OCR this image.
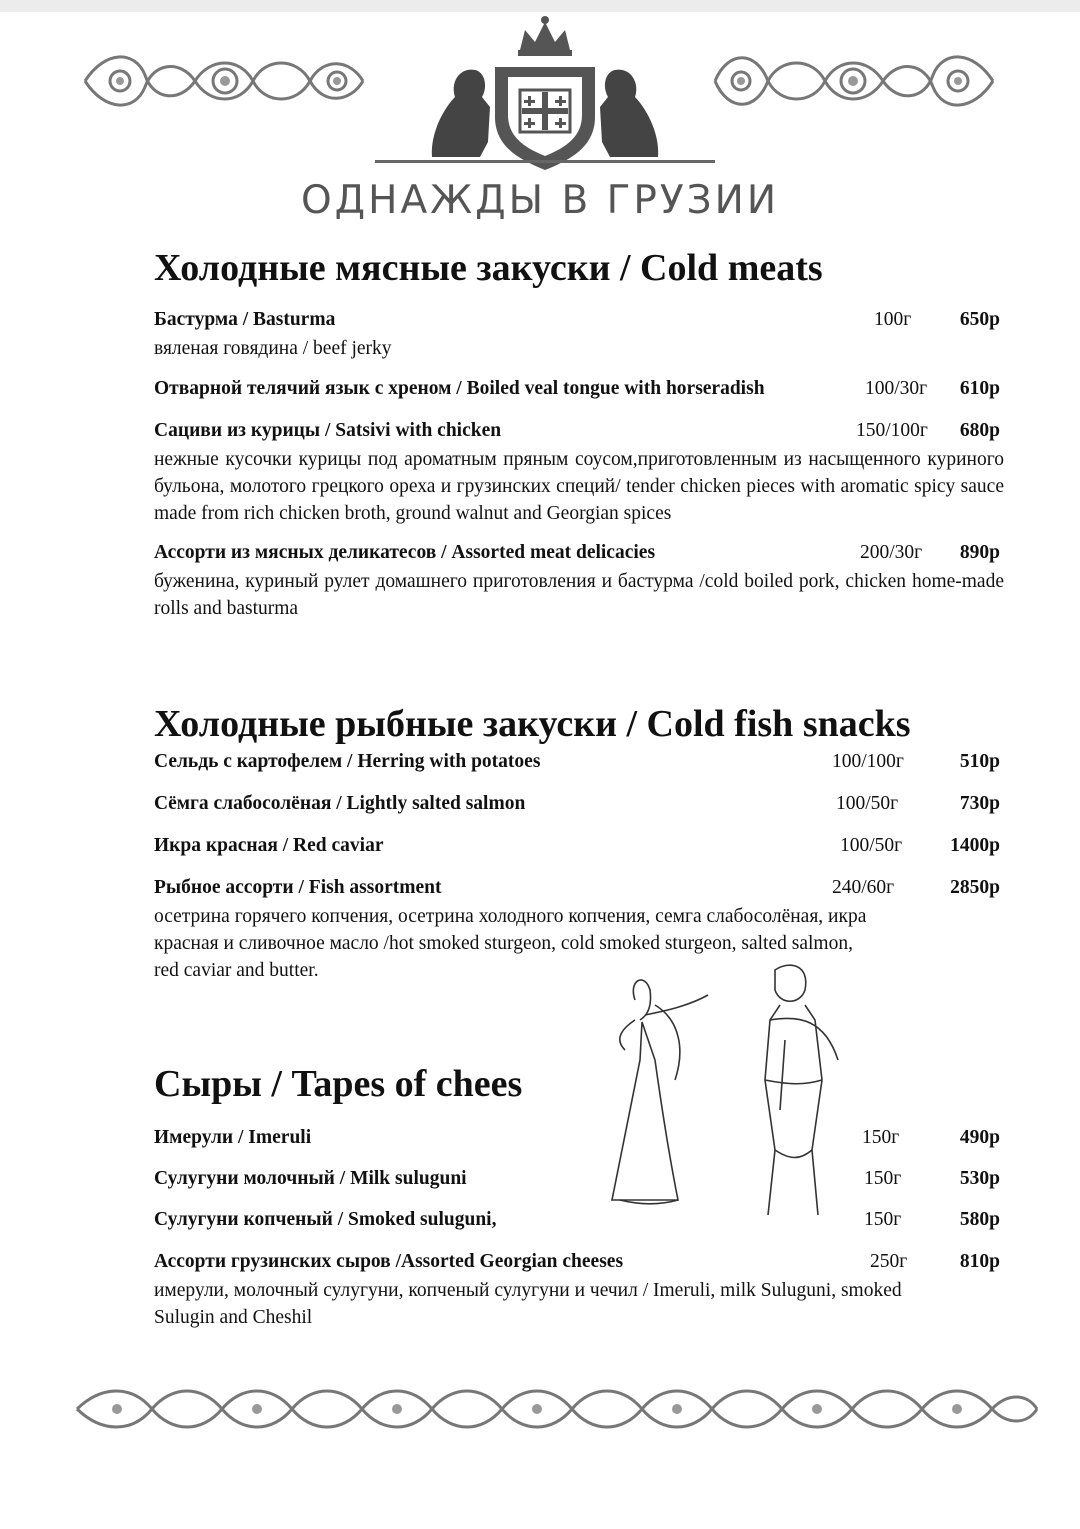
ОДНАЖДЫ В ГРУЗИИ
Холодные мясные закуски / Cold meats
Бастурма / Basturma	100г 650р
вяленая говядина / beef jerky
Отварной телячий язык с хреном / Boiled veal tongue with horseradish	100/30г 610р
Сациви из курицы / Satsivi with chicken	150/100г 680р
нежные кусочки курицы под ароматным пряным соусом,приготовленным из насыщенного куриного бульона, молотого грецкого ореха и грузинских специй/ tender chicken pieces with aromatic spicy sauce made from rich chicken broth, ground walnut and Georgian spices
Ассорти из мясных деликатесов / Assorted meat delicacies	200/30г 890р
буженина, куриный рулет домашнего приготовления и бастурма /cold boiled pork, chicken home-made rolls and basturma
Холодные рыбные закуски / Cold fish snacks
Сельдь с картофелем / Herring with potatoes	100/100г	510р
Сёмга слабосолёная / Lightly salted salmon	100/50г	730р
Икра красная / Red caviar	100/50г 1400р
Рыбное ассорти / Fish assortment	240/60г	2850р
осетрина горячего копчения, осетрина холодного копчения, семга слабосолёная, икра красная и сливочное масло /hot smoked sturgeon, cold smoked sturgeon, salted salmon, red caviar and butter.
Сыры / Tapes of chees
Имерули / Imeruli	150г	490р
Сулугуни молочный / Milk suluguni	150г	530р
Сулугуни копченый / Smoked suluguni,	150г	580р
Ассорти грузинских сыров /Assorted Georgian cheeses	250г	810р
имерули, молочный сулугуни, копченый сулугуни и чечил / Imeruli, milk Suluguni, smoked Sulugin and Cheshil
